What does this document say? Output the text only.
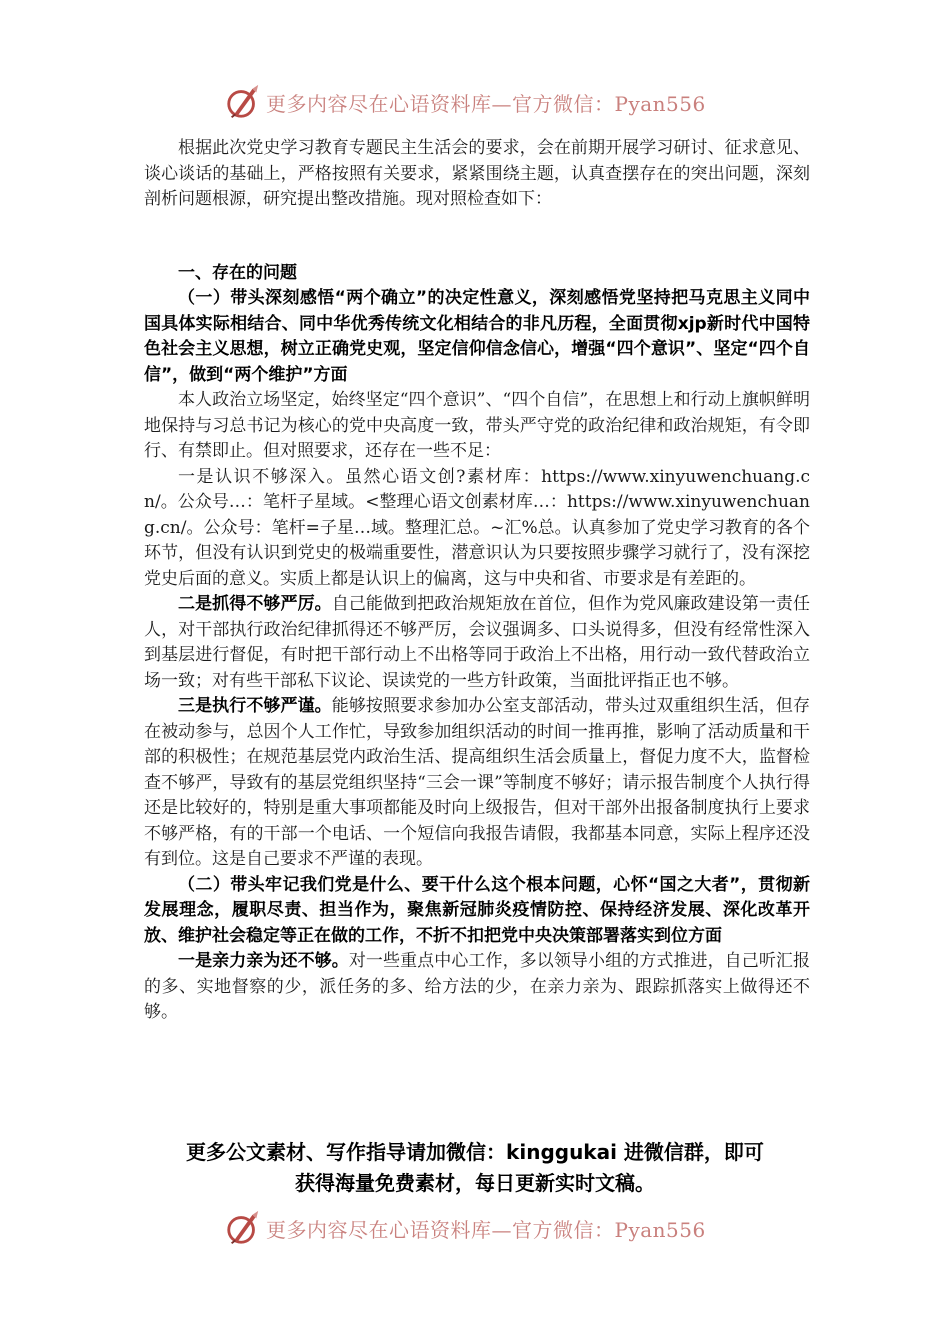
更多内容尽在心语资料库—官方微信：Pyan556

根据此次党史学习教育专题民主生活会的要求，会在前期开展学习研讨、征求意见、谈心谈话的基础上，严格按照有关要求，紧紧围绕主题，认真查摆存在的突出问题，深刻剖析问题根源，研究提出整改措施。现对照检查如下：

一、存在的问题

（一）带头深刻感悟“两个确立”的决定性意义，深刻感悟党坚持把马克思主义同中国具体实际相结合、同中华优秀传统文化相结合的非凡历程，全面贯彻xjp新时代中国特色社会主义思想，树立正确党史观，坚定信仰信念信心，增强“四个意识”、坚定“四个自信”，做到“两个维护”方面

本人政治立场坚定，始终坚定“四个意识”、“四个自信”，在思想上和行动上旗帜鲜明地保持与习总书记为核心的党中央高度一致，带头严守党的政治纪律和政治规矩，有令即行、有禁即止。但对照要求，还存在一些不足：

一是认识不够深入。虽然心语文创?素材库：https://www.xinyuwenchuang.cn/。公众号…：笔杆子星域。<整理心语文创素材库…：https://www.xinyuwenchuang.cn/。公众号：笔杆=子星…域。整理汇总。~汇%总。认真参加了党史学习教育的各个环节，但没有认识到党史的极端重要性，潜意识认为只要按照步骤学习就行了，没有深挖党史后面的意义。实质上都是认识上的偏离，这与中央和省、市要求是有差距的。

二是抓得不够严厉。自己能做到把政治规矩放在首位，但作为党风廉政建设第一责任人，对干部执行政治纪律抓得还不够严厉，会议强调多、口头说得多，但没有经常性深入到基层进行督促，有时把干部行动上不出格等同于政治上不出格，用行动一致代替政治立场一致；对有些干部私下议论、误读党的一些方针政策，当面批评指正也不够。

三是执行不够严谨。能够按照要求参加办公室支部活动，带头过双重组织生活，但存在被动参与，总因个人工作忙，导致参加组织活动的时间一推再推，影响了活动质量和干部的积极性；在规范基层党内政治生活、提高组织生活会质量上，督促力度不大，监督检查不够严，导致有的基层党组织坚持“三会一课”等制度不够好；请示报告制度个人执行得还是比较好的，特别是重大事项都能及时向上级报告，但对干部外出报备制度执行上要求不够严格，有的干部一个电话、一个短信向我报告请假，我都基本同意，实际上程序还没有到位。这是自己要求不严谨的表现。

（二）带头牢记我们党是什么、要干什么这个根本问题，心怀“国之大者”，贯彻新发展理念，履职尽责、担当作为，聚焦新冠肺炎疫情防控、保持经济发展、深化改革开放、维护社会稳定等正在做的工作，不折不扣把党中央决策部署落实到位方面

一是亲力亲为还不够。对一些重点中心工作，多以领导小组的方式推进，自己听汇报的多、实地督察的少，派任务的多、给方法的少，在亲力亲为、跟踪抓落实上做得还不够。

更多公文素材、写作指导请加微信：kinggukai 进微信群，即可
获得海量免费素材，每日更新实时文稿。
更多内容尽在心语资料库—官方微信：Pyan556
